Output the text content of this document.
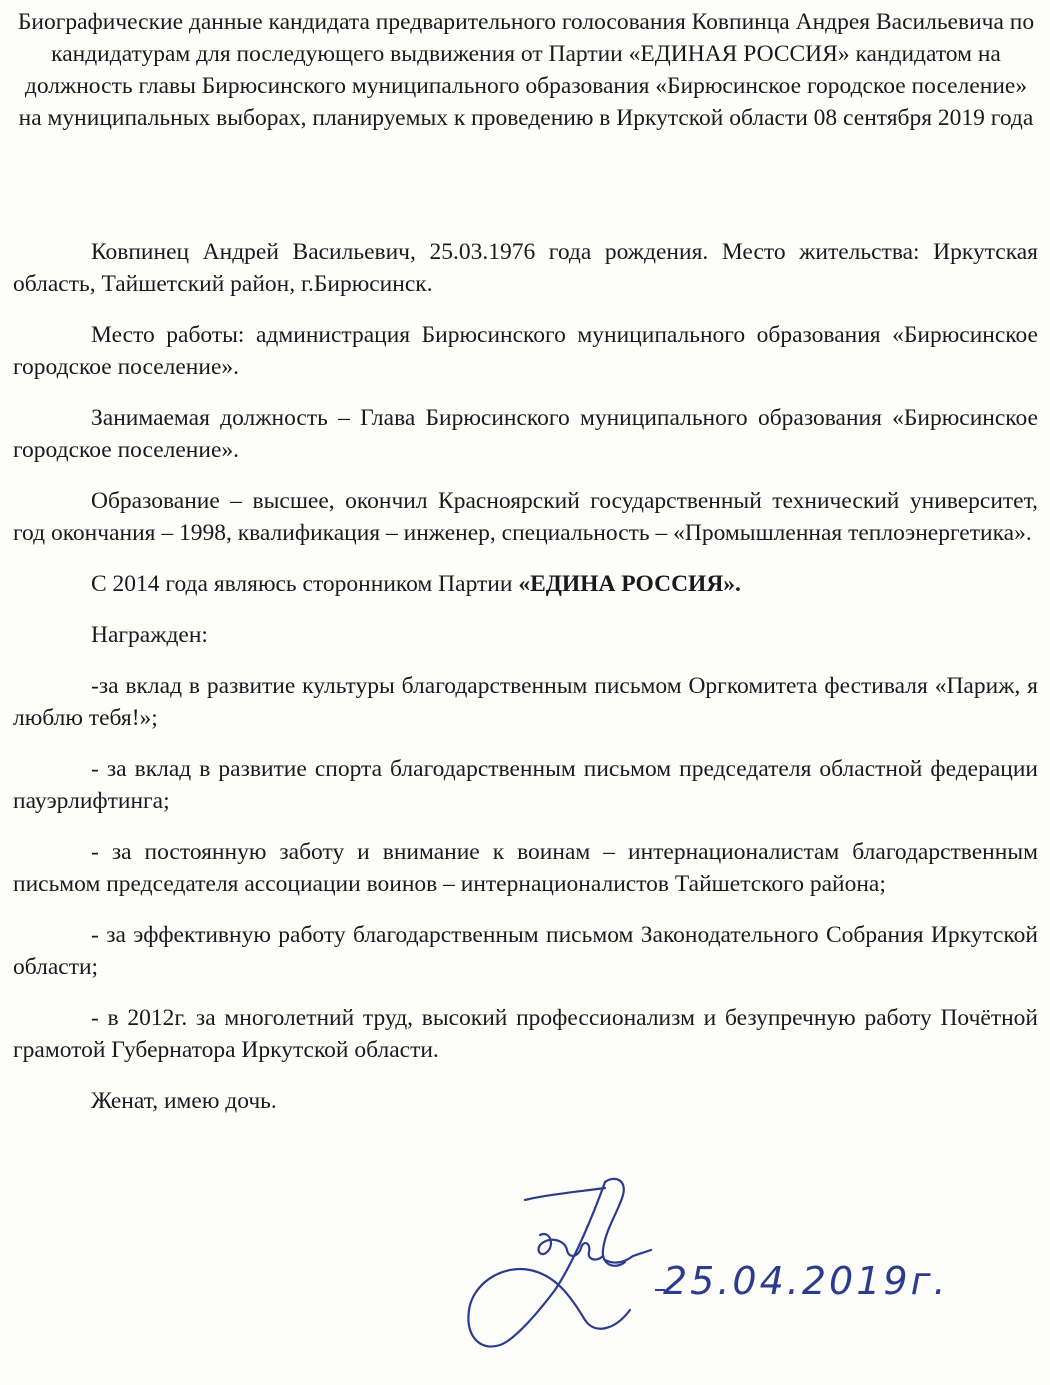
Биографические данные кандидата предварительного голосования Ковпинца Андрея Васильевича по кандидатурам для последующего выдвижения от Партии «ЕДИНАЯ РОССИЯ» кандидатом на должность главы Бирюсинского муниципального образования «Бирюсинское городское поселение» на муниципальных выборах, планируемых к проведению в Иркутской области 08 сентября 2019 года

Ковпинец Андрей Васильевич, 25.03.1976 года рождения. Место жительства: Иркутская область, Тайшетский район, г.Бирюсинск.

Место работы: администрация Бирюсинского муниципального образования «Бирюсинское городское поселение».

Занимаемая должность – Глава Бирюсинского муниципального образования «Бирюсинское городское поселение».

Образование – высшее, окончил Красноярский государственный технический университет, год окончания – 1998, квалификация – инженер, специальность – «Промышленная теплоэнергетика».

С 2014 года являюсь сторонником Партии «ЕДИНА РОССИЯ».

Награжден:

-за вклад в развитие культуры благодарственным письмом Оргкомитета фестиваля «Париж, я люблю тебя!»;

- за вклад в развитие спорта благодарственным письмом председателя областной федерации пауэрлифтинга;

- за постоянную заботу и внимание к воинам – интернационалистам благодарственным письмом председателя ассоциации воинов – интернационалистов Тайшетского района;

- за эффективную работу благодарственным письмом Законодательного Собрания Иркутской области;

- в 2012г. за многолетний труд, высокий профессионализм и безупречную работу Почётной грамотой Губернатора Иркутской области.

Женат, имею дочь.

25.04.2019г.
